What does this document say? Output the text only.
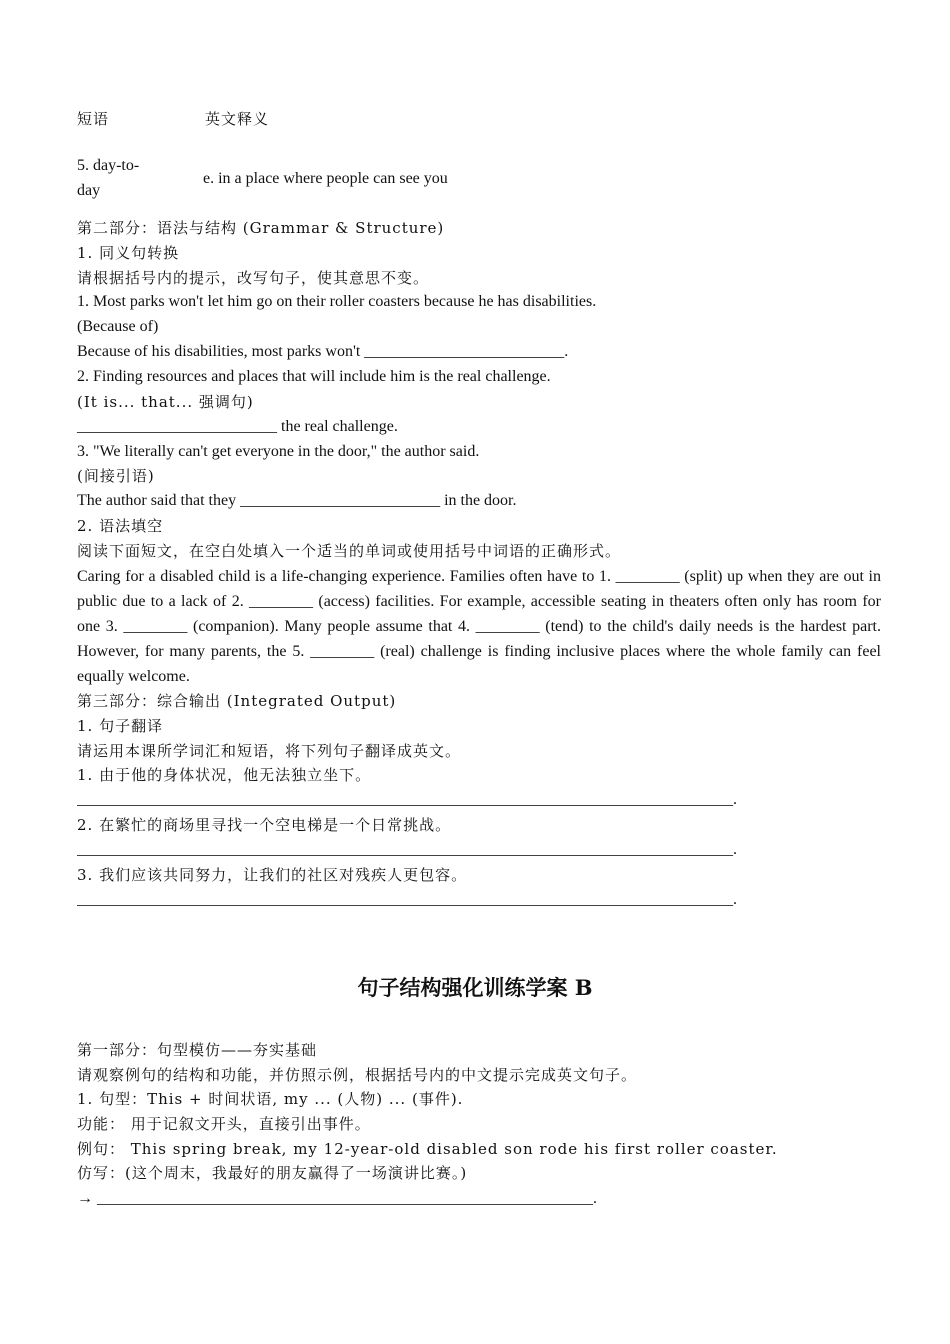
短语	英文释义
5. day-to-
day
e. in a place where people can see you
第二部分：语法与结构 (Grammar & Structure)
1. 同义句转换
请根据括号内的提示，改写句子，使其意思不变。
1. Most parks won't let him go on their roller coasters because he has disabilities.
(Because of)
Because of his disabilities, most parks won't _________________________.
2. Finding resources and places that will include him is the real challenge.
(It is... that... 强调句)
_________________________ the real challenge.
3. "We literally can't get everyone in the door," the author said.
(间接引语)
The author said that they _________________________ in the door.
2. 语法填空
阅读下面短文，在空白处填入一个适当的单词或使用括号中词语的正确形式。
Caring for a disabled child is a life-changing experience. Families often have to 1. ________ (split) up when they are out in public due to a lack of 2. ________ (access) facilities. For example, accessible seating in theaters often only has room for one 3. ________ (companion). Many people assume that 4. ________ (tend) to the child's daily needs is the hardest part. However, for many parents, the 5. ________ (real) challenge is finding inclusive places where the whole family can feel equally welcome.
第三部分：综合输出 (Integrated Output)
1. 句子翻译
请运用本课所学词汇和短语，将下列句子翻译成英文。
1. 由于他的身体状况，他无法独立坐下。
__________________________________________________________________________________.
2. 在繁忙的商场里寻找一个空电梯是一个日常挑战。
__________________________________________________________________________________.
3. 我们应该共同努力，让我们的社区对残疾人更包容。
__________________________________________________________________________________.
句子结构强化训练学案 B
第一部分：句型模仿——夯实基础
请观察例句的结构和功能，并仿照示例，根据括号内的中文提示完成英文句子。
1. 句型：This + 时间状语, my ... (人物) ... (事件).
功能： 用于记叙文开头，直接引出事件。
例句： This spring break, my 12-year-old disabled son rode his first roller coaster.
仿写：(这个周末，我最好的朋友赢得了一场演讲比赛。)
→ ______________________________________________________________.
